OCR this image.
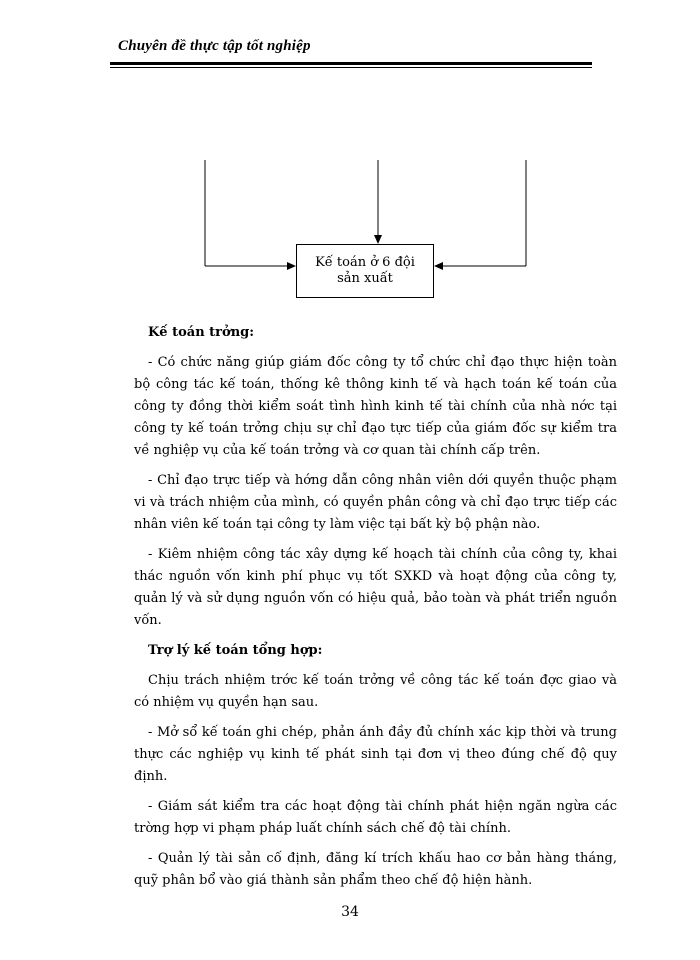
Chuyên đề thực tập tốt nghiệp
Kế toán ở 6 đội
sản xuất
Kế toán trởng:

- Có chức năng giúp giám đốc công ty tổ chức chỉ đạo thực hiện toàn bộ công tác kế toán, thống kê thông kinh tế và hạch toán kế toán của công ty đồng thời kiểm soát tình hình kinh tế tài chính của nhà nớc tại công ty kế toán trởng chịu sự chỉ đạo tực tiếp của giám đốc sự kiểm tra về nghiệp vụ của kế toán trởng và cơ quan tài chính cấp trên.

- Chỉ đạo trực tiếp và hớng dẫn công nhân viên dới quyền thuộc phạm vi và trách nhiệm của mình, có quyền phân công và chỉ đạo trực tiếp các nhân viên kế toán tại công ty làm việc tại bất kỳ bộ phận nào.

- Kiêm nhiệm công tác xây dựng kế hoạch tài chính của công ty, khai thác nguồn vốn kinh phí phục vụ tốt SXKD và hoạt động của công ty, quản lý và sử dụng nguồn vốn có hiệu quả, bảo toàn và phát triển nguồn vốn.

Trợ lý kế toán tổng hợp:

Chịu trách nhiệm trớc kế toán trởng về công tác kế toán đợc giao và có nhiệm vụ quyền hạn sau.

- Mở sổ kế toán ghi chép, phản ánh đầy đủ chính xác kịp thời và trung thực các nghiệp vụ kinh tế phát sinh tại đơn vị theo đúng chế độ quy định.

- Giám sát kiểm tra các hoạt động tài chính phát hiện ngăn ngừa các trờng hợp vi phạm pháp luất chính sách chế độ tài chính.

- Quản lý tài sản cố định, đăng kí trích khấu hao cơ bản hàng tháng, quỹ phân bổ vào giá thành sản phẩm theo chế độ hiện hành.

34
